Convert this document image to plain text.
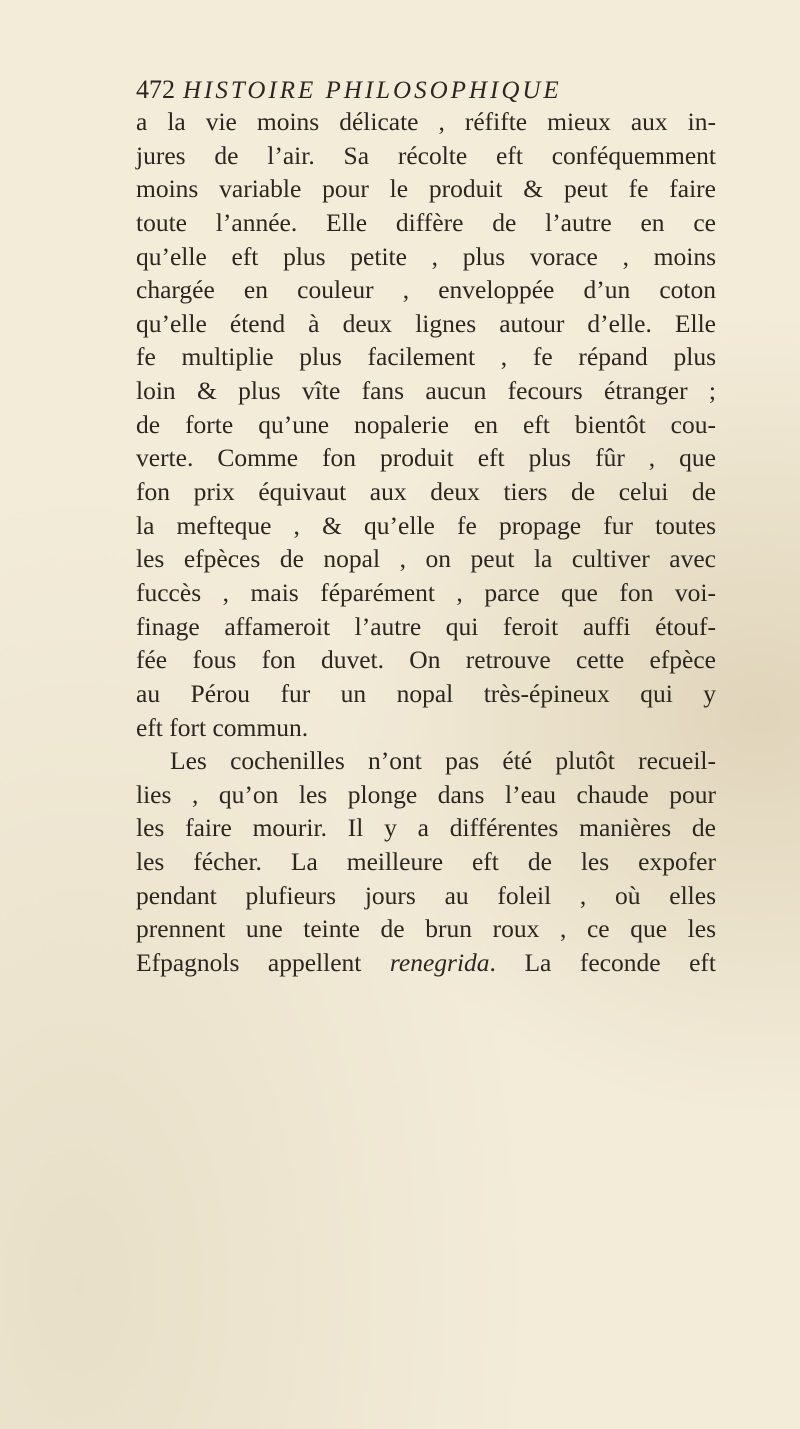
472 HISTOIRE PHILOSOPHIQUE
a la vie moins délicate , réfifte mieux aux in-
jures de l’air. Sa récolte eft conféquemment
moins variable pour le produit & peut fe faire
toute l’année. Elle diffère de l’autre en ce
qu’elle eft plus petite , plus vorace , moins
chargée en couleur , enveloppée d’un coton
qu’elle étend à deux lignes autour d’elle. Elle
fe multiplie plus facilement , fe répand plus
loin & plus vîte fans aucun fecours étranger ;
de forte qu’une nopalerie en eft bientôt cou-
verte. Comme fon produit eft plus fûr , que
fon prix équivaut aux deux tiers de celui de
la mefteque , & qu’elle fe propage fur toutes
les efpèces de nopal , on peut la cultiver avec
fuccès , mais féparément , parce que fon voi-
finage affameroit l’autre qui feroit auffi étouf-
fée fous fon duvet. On retrouve cette efpèce
au Pérou fur un nopal très-épineux qui y
eft fort commun.
Les cochenilles n’ont pas été plutôt recueil-
lies , qu’on les plonge dans l’eau chaude pour
les faire mourir. Il y a différentes manières de
les fécher. La meilleure eft de les expofer
pendant plufieurs jours au foleil , où elles
prennent une teinte de brun roux , ce que les
Efpagnols appellent renegrida. La feconde eft
